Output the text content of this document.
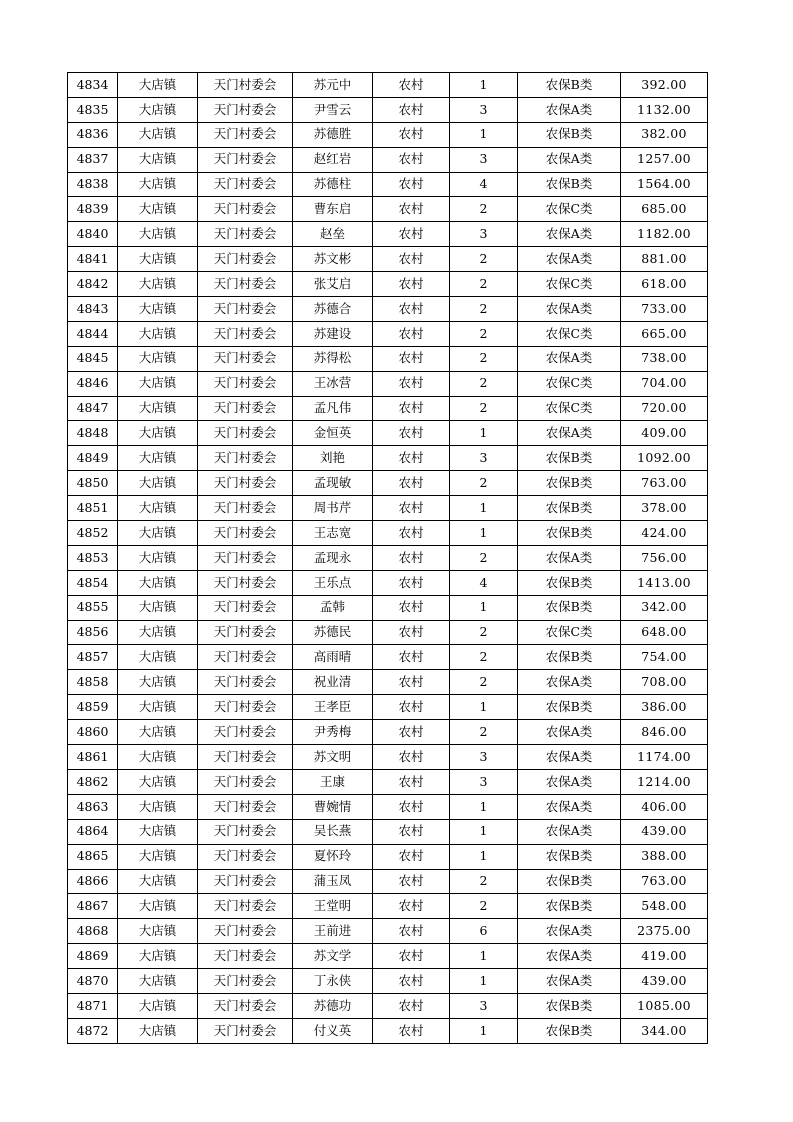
4834	大店镇	天门村委会	苏元中	农村	1	农保B类	392.00
4835	大店镇	天门村委会	尹雪云	农村	3	农保A类	1132.00
4836	大店镇	天门村委会	苏德胜	农村	1	农保B类	382.00
4837	大店镇	天门村委会	赵红岩	农村	3	农保A类	1257.00
4838	大店镇	天门村委会	苏德柱	农村	4	农保B类	1564.00
4839	大店镇	天门村委会	曹东启	农村	2	农保C类	685.00
4840	大店镇	天门村委会	赵垒	农村	3	农保A类	1182.00
4841	大店镇	天门村委会	苏文彬	农村	2	农保A类	881.00
4842	大店镇	天门村委会	张艾启	农村	2	农保C类	618.00
4843	大店镇	天门村委会	苏德合	农村	2	农保A类	733.00
4844	大店镇	天门村委会	苏建设	农村	2	农保C类	665.00
4845	大店镇	天门村委会	苏得松	农村	2	农保A类	738.00
4846	大店镇	天门村委会	王冰营	农村	2	农保C类	704.00
4847	大店镇	天门村委会	孟凡伟	农村	2	农保C类	720.00
4848	大店镇	天门村委会	金恒英	农村	1	农保A类	409.00
4849	大店镇	天门村委会	刘艳	农村	3	农保B类	1092.00
4850	大店镇	天门村委会	孟现敏	农村	2	农保B类	763.00
4851	大店镇	天门村委会	周书芹	农村	1	农保B类	378.00
4852	大店镇	天门村委会	王志宽	农村	1	农保B类	424.00
4853	大店镇	天门村委会	孟现永	农村	2	农保A类	756.00
4854	大店镇	天门村委会	王乐点	农村	4	农保B类	1413.00
4855	大店镇	天门村委会	孟韩	农村	1	农保B类	342.00
4856	大店镇	天门村委会	苏德民	农村	2	农保C类	648.00
4857	大店镇	天门村委会	高雨晴	农村	2	农保B类	754.00
4858	大店镇	天门村委会	祝业清	农村	2	农保A类	708.00
4859	大店镇	天门村委会	王孝臣	农村	1	农保B类	386.00
4860	大店镇	天门村委会	尹秀梅	农村	2	农保A类	846.00
4861	大店镇	天门村委会	苏文明	农村	3	农保A类	1174.00
4862	大店镇	天门村委会	王康	农村	3	农保A类	1214.00
4863	大店镇	天门村委会	曹婉情	农村	1	农保A类	406.00
4864	大店镇	天门村委会	吴长燕	农村	1	农保A类	439.00
4865	大店镇	天门村委会	夏怀玲	农村	1	农保B类	388.00
4866	大店镇	天门村委会	蒲玉凤	农村	2	农保B类	763.00
4867	大店镇	天门村委会	王堂明	农村	2	农保B类	548.00
4868	大店镇	天门村委会	王前进	农村	6	农保A类	2375.00
4869	大店镇	天门村委会	苏文学	农村	1	农保A类	419.00
4870	大店镇	天门村委会	丁永侠	农村	1	农保A类	439.00
4871	大店镇	天门村委会	苏德功	农村	3	农保B类	1085.00
4872	大店镇	天门村委会	付义英	农村	1	农保B类	344.00
